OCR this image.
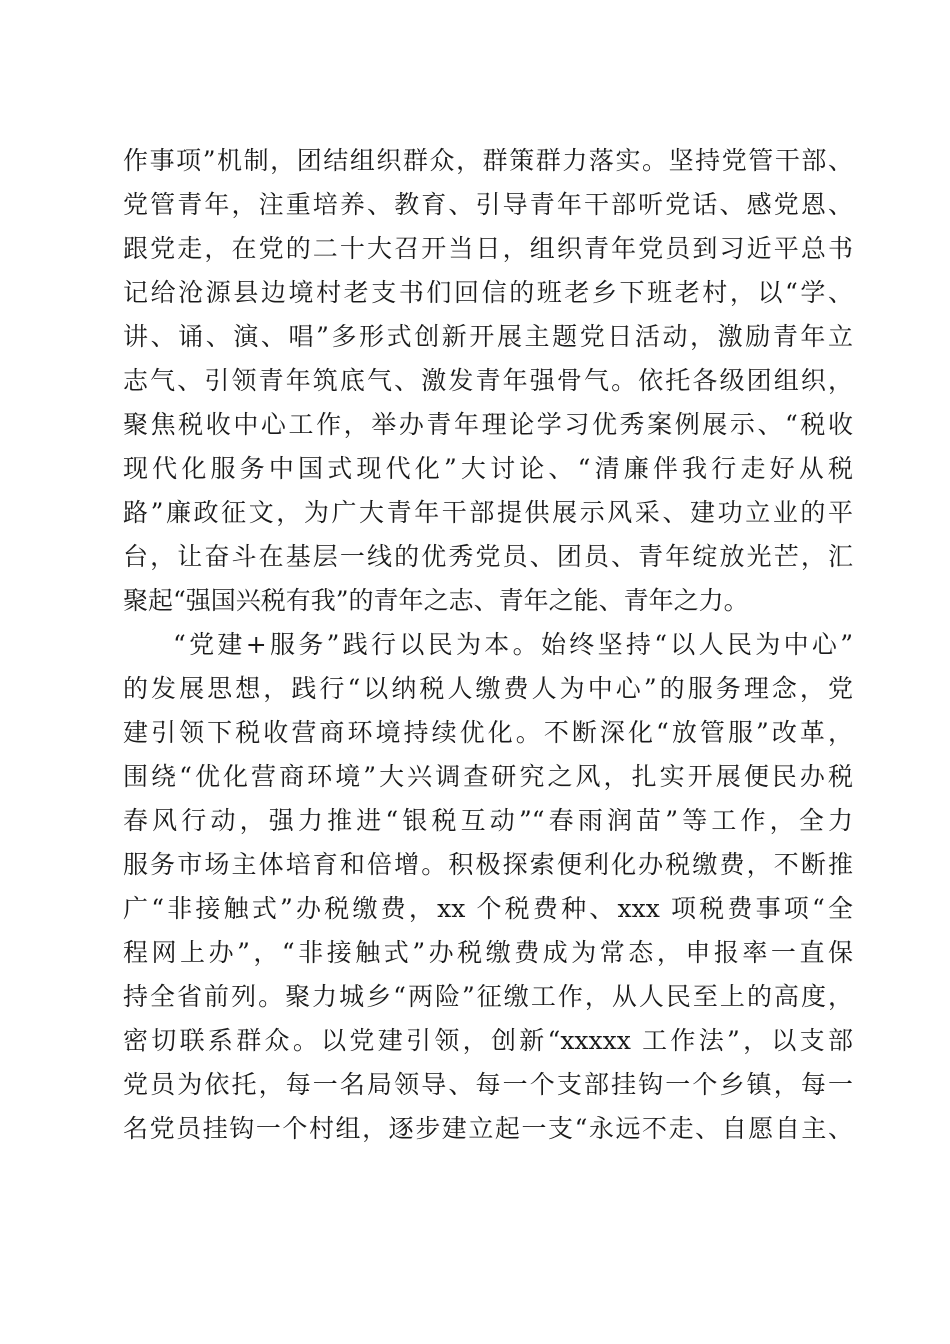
作事项”机制，团结组织群众，群策群力落实。坚持党管干部、
党管青年，注重培养、教育、引导青年干部听党话、感党恩、
跟党走，在党的二十大召开当日，组织青年党员到习近平总书
记给沧源县边境村老支书们回信的班老乡下班老村，以“学、
讲、诵、演、唱”多形式创新开展主题党日活动，激励青年立
志气、引领青年筑底气、激发青年强骨气。依托各级团组织，
聚焦税收中心工作，举办青年理论学习优秀案例展示、“税收
现代化服务中国式现代化”大讨论、“清廉伴我行走好从税
路”廉政征文，为广大青年干部提供展示风采、建功立业的平
台，让奋斗在基层一线的优秀党员、团员、青年绽放光芒，汇
聚起“强国兴税有我”的青年之志、青年之能、青年之力。
“党建+服务”践行以民为本。始终坚持“以人民为中心”
的发展思想，践行“以纳税人缴费人为中心”的服务理念，党
建引领下税收营商环境持续优化。不断深化“放管服”改革，
围绕“优化营商环境”大兴调查研究之风，扎实开展便民办税
春风行动，强力推进“银税互动”“春雨润苗”等工作，全力
服务市场主体培育和倍增。积极探索便利化办税缴费，不断推
广“非接触式”办税缴费，xx 个税费种、xxx 项税费事项“全
程网上办”，“非接触式”办税缴费成为常态，申报率一直保
持全省前列。聚力城乡“两险”征缴工作，从人民至上的高度，
密切联系群众。以党建引领，创新“xxxxx 工作法”，以支部
党员为依托，每一名局领导、每一个支部挂钩一个乡镇，每一
名党员挂钩一个村组，逐步建立起一支“永远不走、自愿自主、
